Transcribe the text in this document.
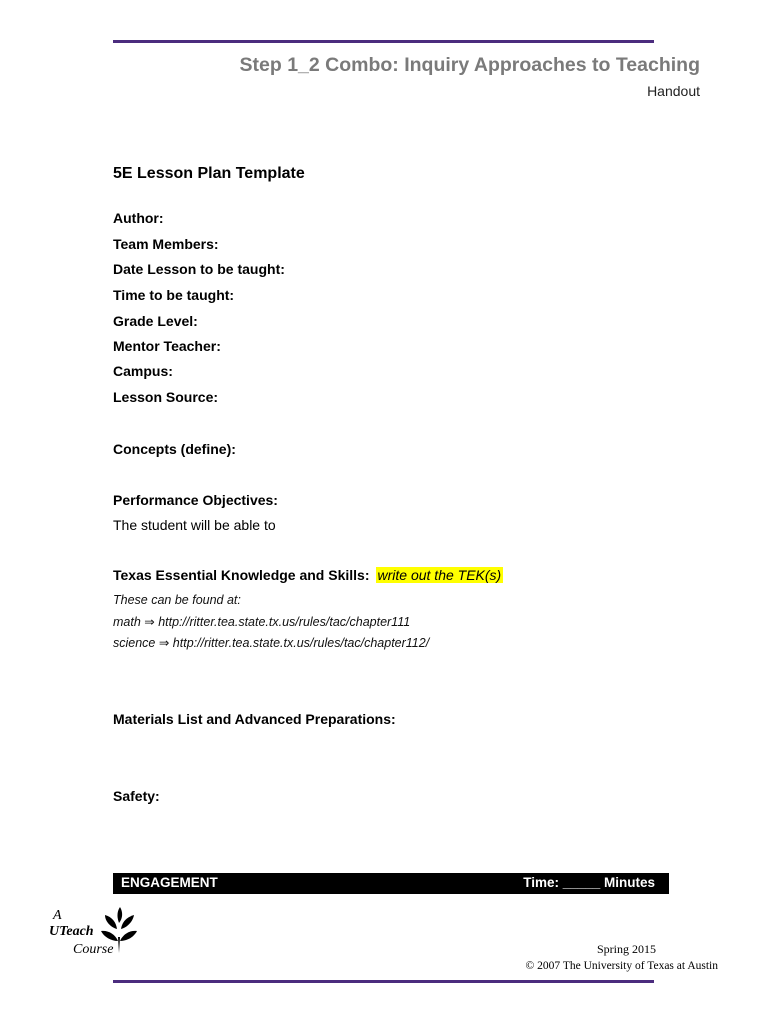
Step 1_2 Combo: Inquiry Approaches to Teaching
Handout
5E Lesson Plan Template
Author:
Team Members:
Date Lesson to be taught:
Time to be taught:
Grade Level:
Mentor Teacher:
Campus:
Lesson Source:
Concepts (define):
Performance Objectives:
The student will be able to
Texas Essential Knowledge and Skills: write out the TEK(s)
These can be found at:
math ⇒ http://ritter.tea.state.tx.us/rules/tac/chapter111
science ⇒ http://ritter.tea.state.tx.us/rules/tac/chapter112/
Materials List and Advanced Preparations:
Safety:
ENGAGEMENT	Time: _____ Minutes
A
UTeach
Course	Spring 2015
© 2007 The University of Texas at Austin
